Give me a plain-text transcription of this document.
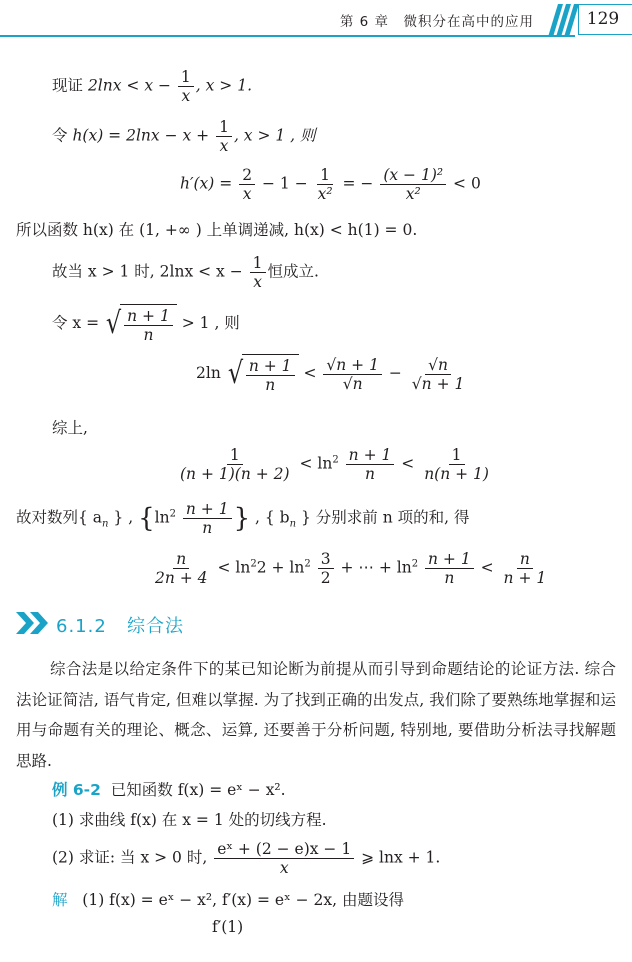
第 6 章　微积分在高中的应用	129
现证 $2\ln x < x - \frac{1}{x}$ , x > 1.
令 $h(x) = 2\ln x - x + \frac{1}{x}$ , x > 1 , 则
$h'(x) = \frac{2}{x} - 1 - \frac{1}{\text{x²}}$ = − $\frac{\text{(x − 1)²}}{\text{x²}} < 0$
所以函数 h(x) 在 (1, +∞ ) 上单调递减, h(x) < h(1) = 0.
故当 x > 1 时, $2\ln x < x - \frac{1}{x}$ 恒成立.
令 x = √ $\frac{n + 1}{n} > 1$ , 则
2ln √ $\frac{n + 1}{n} < \frac{√n + 1}{√n} - \frac{√n}{√n + 1}$
综上,
$\frac{1}{(n + 1)(n + 2)} < \ln^2 \frac{n + 1}{n} < \frac{1}{n(n + 1)}$
故对数列{ $a_n$ } , {$\ln^2 \frac{n + 1}{n}$ } , { $b_n$ } 分别求前 n 项的和, 得
$\frac{n}{2n + 4} < \ln^22 + \ln^2 \frac{3}{2}$ + ⋯ + $\ln^2 \frac{n + 1}{n} < \frac{n}{n + 1}$
6.1.2 综合法
综合法是以给定条件下的某已知论断为前提从而引导到命题结论的论证方法. 综合法论证简洁, 语气肯定, 但难以掌握. 为了找到正确的出发点, 我们除了要熟练地掌握和运用与命题有关的理论、概念、运算, 还要善于分析问题, 特别地, 要借助分析法寻找解题思路.
例 6-2 已知函数 f(x) = eˣ − x².
(1) 求曲线 f(x) 在 x = 1 处的切线方程.
(2) 求证: 当 x > 0 时, $\frac{\text{eˣ + (2 − e)x − 1}}{x}$ ⩾ lnx + 1.
解 (1) f(x) = eˣ − x², f′(x) = eˣ − 2x, 由题设得
f′(1)
